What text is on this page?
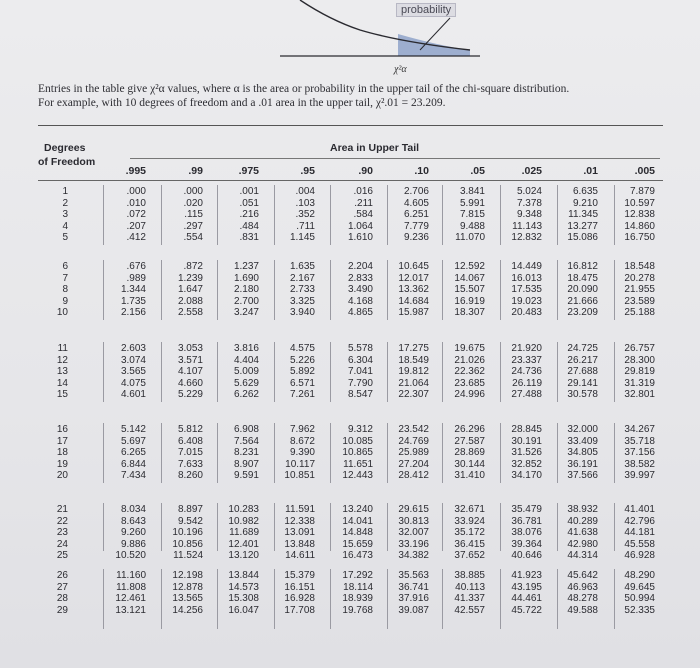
probability
χ²α

Entries in the table give χ²α values, where α is the area or probability in the upper tail of the chi-square distribution.

For example, with 10 degrees of freedom and a .01 area in the upper tail, χ².01 = 23.209.

Degrees
of Freedom
Area in Upper Tail
.995	.99	.975	.95	.90	.10	.05	.025	.01	.005
1	.000	.000	.001	.004	.016	2.706	3.841	5.024	6.635	7.879
2	.010	.020	.051	.103	.211	4.605	5.991	7.378	9.210	10.597
3	.072	.115	.216	.352	.584	6.251	7.815	9.348	11.345	12.838
4	.207	.297	.484	.711	1.064	7.779	9.488	11.143	13.277	14.860
5	.412	.554	.831	1.145	1.610	9.236	11.070	12.832	15.086	16.750
6	.676	.872	1.237	1.635	2.204	10.645	12.592	14.449	16.812	18.548
7	.989	1.239	1.690	2.167	2.833	12.017	14.067	16.013	18.475	20.278
8	1.344	1.647	2.180	2.733	3.490	13.362	15.507	17.535	20.090	21.955
9	1.735	2.088	2.700	3.325	4.168	14.684	16.919	19.023	21.666	23.589
10	2.156	2.558	3.247	3.940	4.865	15.987	18.307	20.483	23.209	25.188
11	2.603	3.053	3.816	4.575	5.578	17.275	19.675	21.920	24.725	26.757
12	3.074	3.571	4.404	5.226	6.304	18.549	21.026	23.337	26.217	28.300
13	3.565	4.107	5.009	5.892	7.041	19.812	22.362	24.736	27.688	29.819
14	4.075	4.660	5.629	6.571	7.790	21.064	23.685	26.119	29.141	31.319
15	4.601	5.229	6.262	7.261	8.547	22.307	24.996	27.488	30.578	32.801
16	5.142	5.812	6.908	7.962	9.312	23.542	26.296	28.845	32.000	34.267
17	5.697	6.408	7.564	8.672	10.085	24.769	27.587	30.191	33.409	35.718
18	6.265	7.015	8.231	9.390	10.865	25.989	28.869	31.526	34.805	37.156
19	6.844	7.633	8.907	10.117	11.651	27.204	30.144	32.852	36.191	38.582
20	7.434	8.260	9.591	10.851	12.443	28.412	31.410	34.170	37.566	39.997
21	8.034	8.897	10.283	11.591	13.240	29.615	32.671	35.479	38.932	41.401
22	8.643	9.542	10.982	12.338	14.041	30.813	33.924	36.781	40.289	42.796
23	9.260	10.196	11.689	13.091	14.848	32.007	35.172	38.076	41.638	44.181
24	9.886	10.856	12.401	13.848	15.659	33.196	36.415	39.364	42.980	45.558
25	10.520	11.524	13.120	14.611	16.473	34.382	37.652	40.646	44.314	46.928
26	11.160	12.198	13.844	15.379	17.292	35.563	38.885	41.923	45.642	48.290
27	11.808	12.878	14.573	16.151	18.114	36.741	40.113	43.195	46.963	49.645
28	12.461	13.565	15.308	16.928	18.939	37.916	41.337	44.461	48.278	50.994
29	13.121	14.256	16.047	17.708	19.768	39.087	42.557	45.722	49.588	52.335
